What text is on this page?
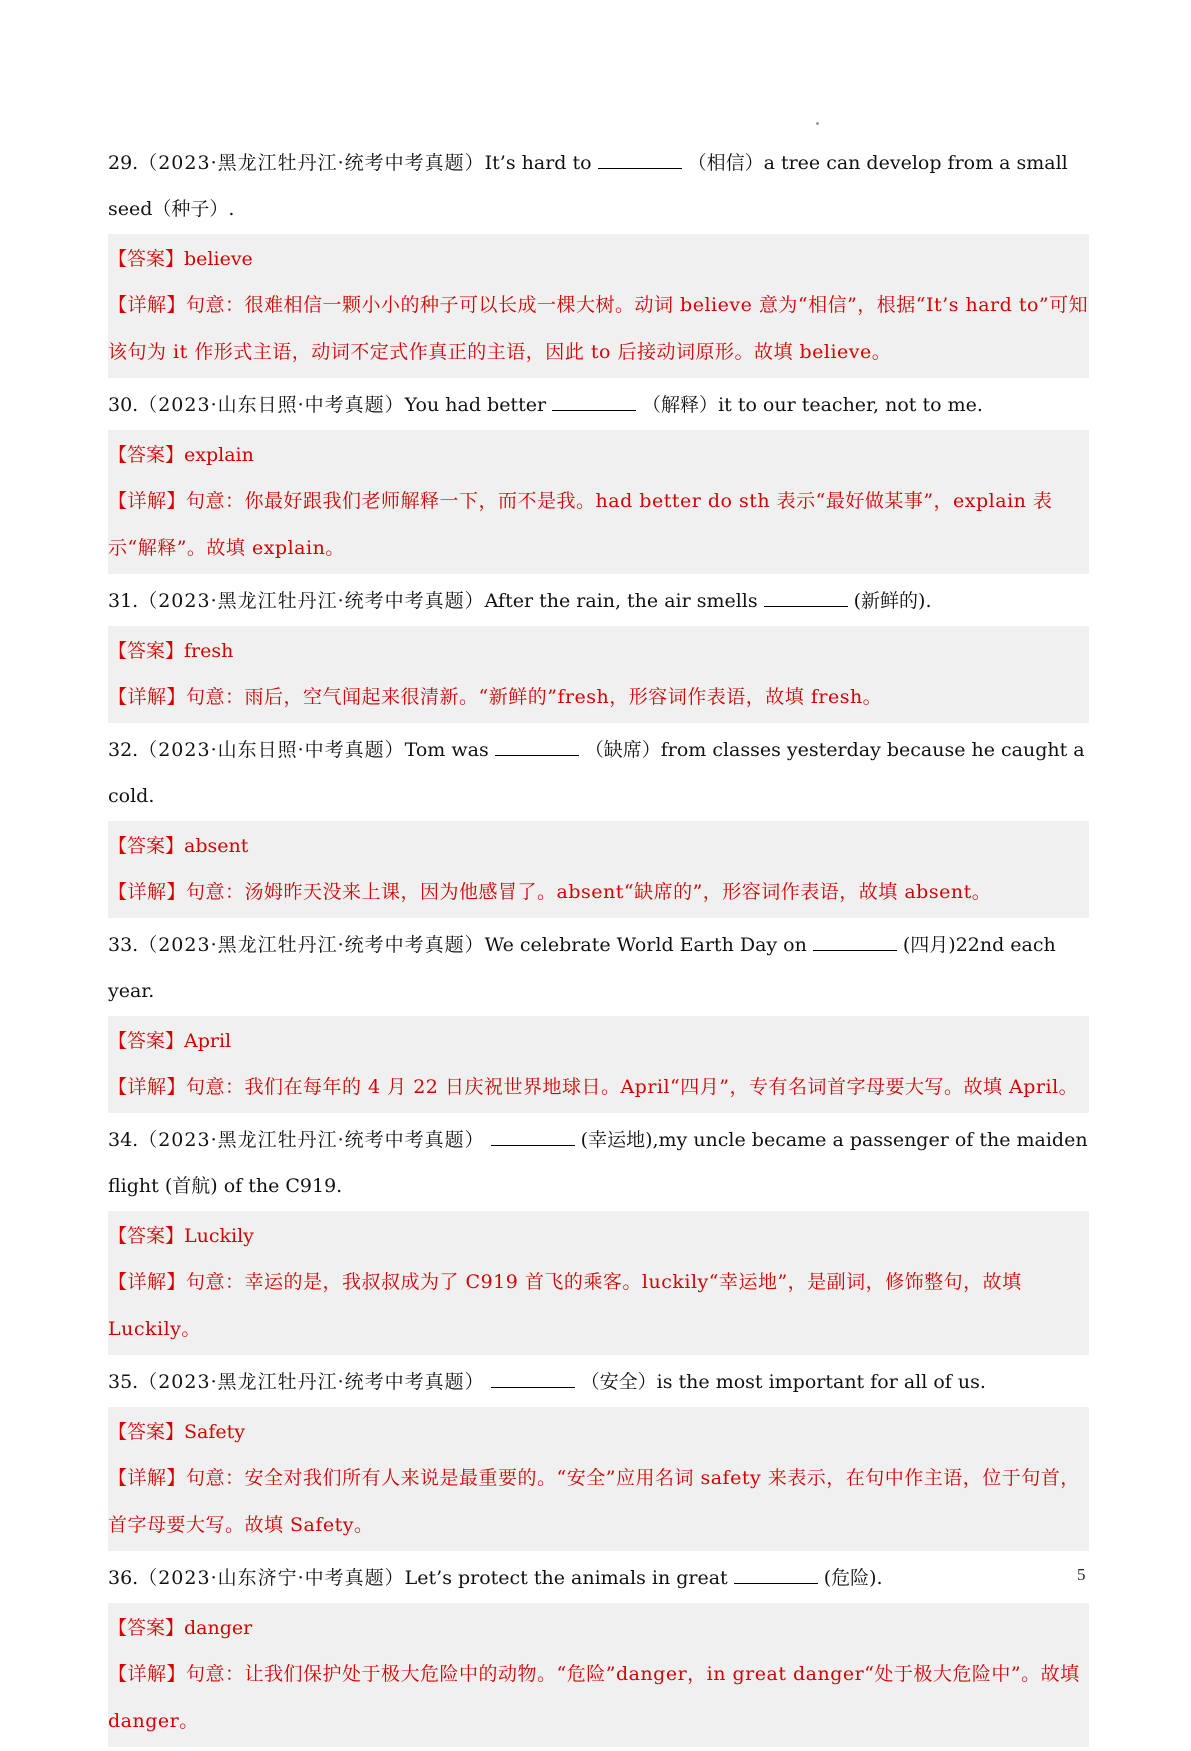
29.（2023·黑龙江牡丹江·统考中考真题）It’s hard to	（相信）a tree can develop from a small seed（种子）.
【答案】believe
【详解】句意：很难相信一颗小小的种子可以长成一棵大树。动词 believe 意为“相信”，根据“It’s hard to”可知该句为 it 作形式主语，动词不定式作真正的主语，因此 to 后接动词原形。故填 believe。
30.（2023·山东日照·中考真题）You had better	（解释）it to our teacher, not to me.
【答案】explain
【详解】句意：你最好跟我们老师解释一下，而不是我。had better do sth 表示“最好做某事”，explain 表示“解释”。故填 explain。
31.（2023·黑龙江牡丹江·统考中考真题）After the rain, the air smells	(新鲜的).
【答案】fresh
【详解】句意：雨后，空气闻起来很清新。“新鲜的”fresh，形容词作表语，故填 fresh。
32.（2023·山东日照·中考真题）Tom was	（缺席）from classes yesterday because he caught a cold.
【答案】absent
【详解】句意：汤姆昨天没来上课，因为他感冒了。absent“缺席的”，形容词作表语，故填 absent。
33.（2023·黑龙江牡丹江·统考中考真题）We celebrate World Earth Day on	(四月)22nd each year.
【答案】April
【详解】句意：我们在每年的 4 月 22 日庆祝世界地球日。April“四月”，专有名词首字母要大写。故填 April。
34.（2023·黑龙江牡丹江·统考中考真题）	(幸运地),my uncle became a passenger of the maiden flight (首航) of the C919.
【答案】Luckily
【详解】句意：幸运的是，我叔叔成为了 C919 首飞的乘客。luckily“幸运地”，是副词，修饰整句，故填 Luckily。
35.（2023·黑龙江牡丹江·统考中考真题）	（安全）is the most important for all of us.
【答案】Safety
【详解】句意：安全对我们所有人来说是最重要的。“安全”应用名词 safety 来表示，在句中作主语，位于句首，首字母要大写。故填 Safety。
36.（2023·山东济宁·中考真题）Let’s protect the animals in great	(危险).
【答案】danger
【详解】句意：让我们保护处于极大危险中的动物。“危险”danger，in great danger“处于极大危险中”。故填 danger。
5
